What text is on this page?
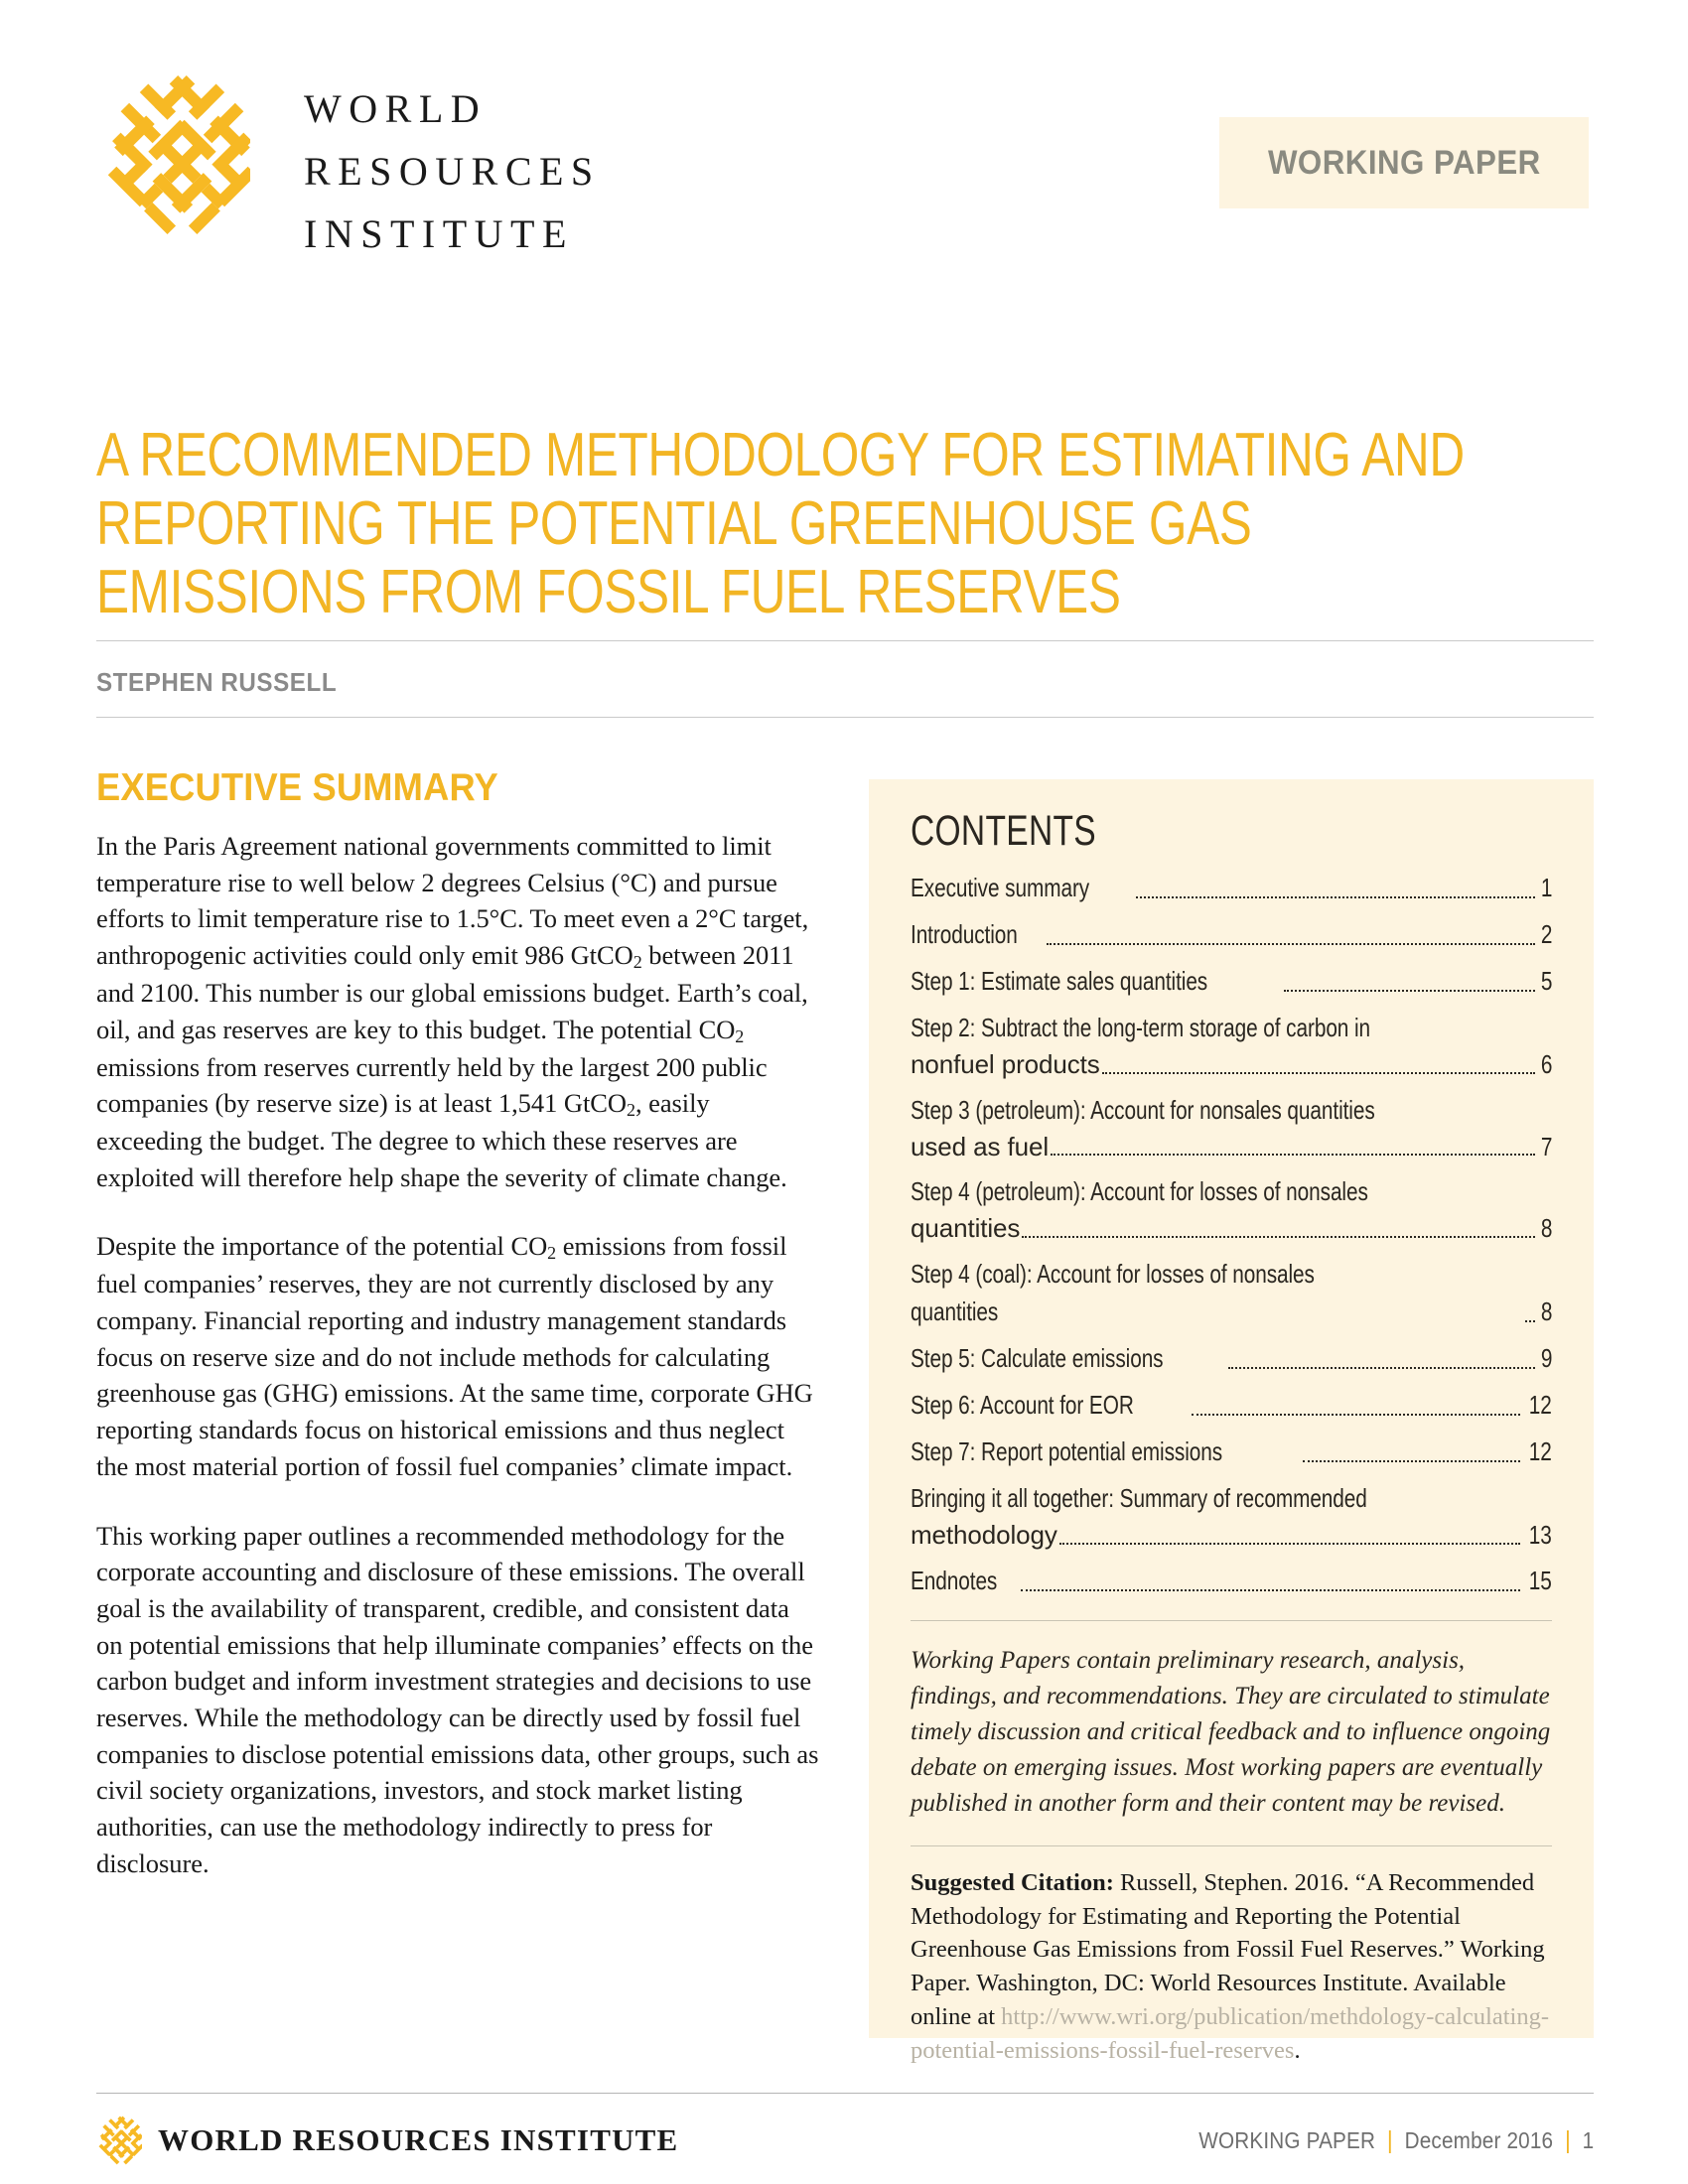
WORLD
RESOURCES
INSTITUTE
WORKING PAPER
A RECOMMENDED METHODOLOGY FOR ESTIMATING AND REPORTING THE POTENTIAL GREENHOUSE GAS EMISSIONS FROM FOSSIL FUEL RESERVES
STEPHEN RUSSELL
EXECUTIVE SUMMARY

In the Paris Agreement national governments committed to limit temperature rise to well below 2 degrees Celsius (°C) and pursue efforts to limit temperature rise to 1.5°C. To meet even a 2°C target, anthropogenic activities could only emit 986 GtCO$_2$ between 2011 and 2100. This number is our global emissions budget. Earth’s coal, oil, and gas reserves are key to this budget. The potential $CO_2$ emissions from reserves currently held by the largest 200 public companies (by reserve size) is at least 1,541 GtCO$_2$, easily exceeding the budget. The degree to which these reserves are exploited will therefore help shape the severity of climate change.

Despite the importance of the potential $CO_2$ emissions from fossil fuel companies’ reserves, they are not currently disclosed by any company. Financial reporting and industry management standards focus on reserve size and do not include methods for calculating greenhouse gas (GHG) emissions. At the same time, corporate GHG reporting standards focus on historical emissions and thus neglect the most material portion of fossil fuel companies’ climate impact.

This working paper outlines a recommended methodology for the corporate accounting and disclosure of these emissions. The overall goal is the availability of transparent, credible, and consistent data on potential emissions that help illuminate companies’ effects on the carbon budget and inform investment strategies and decisions to use reserves. While the methodology can be directly used by fossil fuel companies to disclose potential emissions data, other groups, such as civil society organizations, investors, and stock market listing authorities, can use the methodology indirectly to press for disclosure.

CONTENTS
Executive summary	1
Introduction	2
Step 1: Estimate sales quantities	5
Step 2: Subtract the long-term storage of carbon in
nonfuel products	6
Step 3 (petroleum): Account for nonsales quantities
used as fuel	7
Step 4 (petroleum): Account for losses of nonsales
quantities	8
Step 4 (coal): Account for losses of nonsales quantities	8
Step 5: Calculate emissions	9
Step 6: Account for EOR	12
Step 7: Report potential emissions	12
Bringing it all together: Summary of recommended
methodology	13
Endnotes	15
Working Papers contain preliminary research, analysis, findings, and recommendations. They are circulated to stimulate timely discussion and critical feedback and to influence ongoing debate on emerging issues. Most working papers are eventually published in another form and their content may be revised.
Suggested Citation: Russell, Stephen. 2016. “A Recommended Methodology for Estimating and Reporting the Potential Greenhouse Gas Emissions from Fossil Fuel Reserves.” Working Paper. Washington, DC: World Resources Institute. Available online at http://www.wri.org/publication/methdology-calculating-potential-emissions-fossil-fuel-reserves.
WORLD RESOURCES INSTITUTE	WORKING PAPER | December 2016 | 1
